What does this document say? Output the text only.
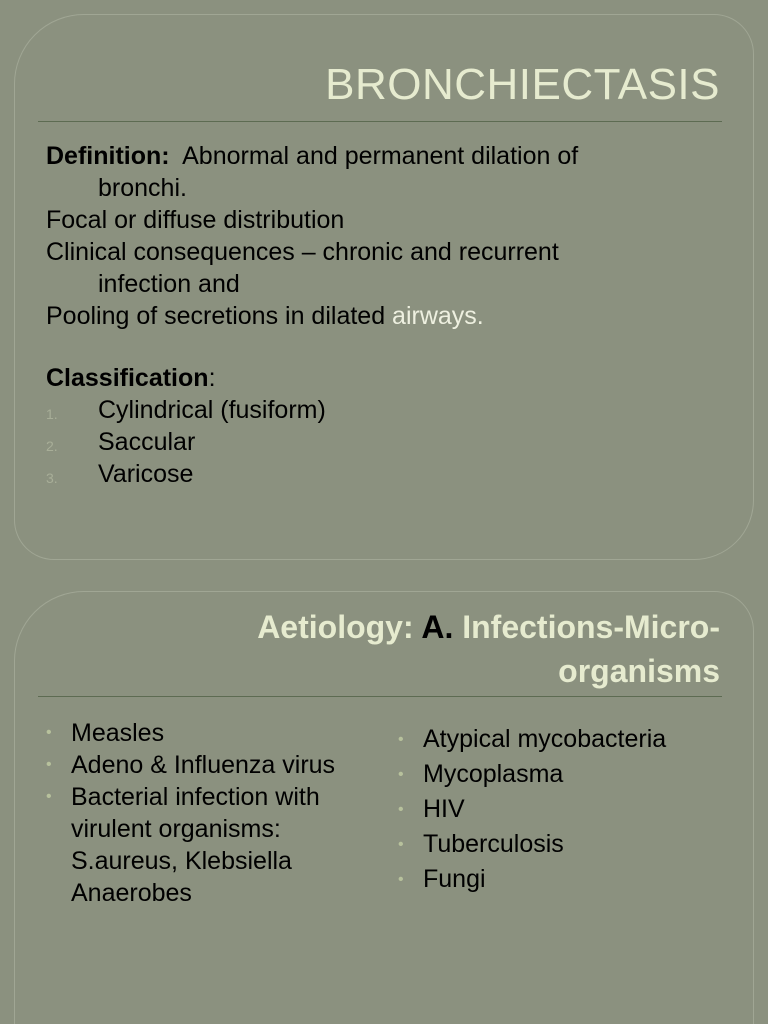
BRONCHIECTASIS

Definition: Abnormal and permanent dilation of

bronchi.

Focal or diffuse distribution

Clinical consequences – chronic and recurrent

infection and

Pooling of secretions in dilated airways.

Classification:

1. Cylindrical (fusiform)
2. Saccular
3. Varicose
Aetiology: A. Infections-Micro-
organisms
• Measles
• Adeno & Influenza virus
• Bacterial infection with virulent organisms:
S.aureus, Klebsiella Anaerobes
• Atypical mycobacteria
• Mycoplasma
• HIV
• Tuberculosis
• Fungi
